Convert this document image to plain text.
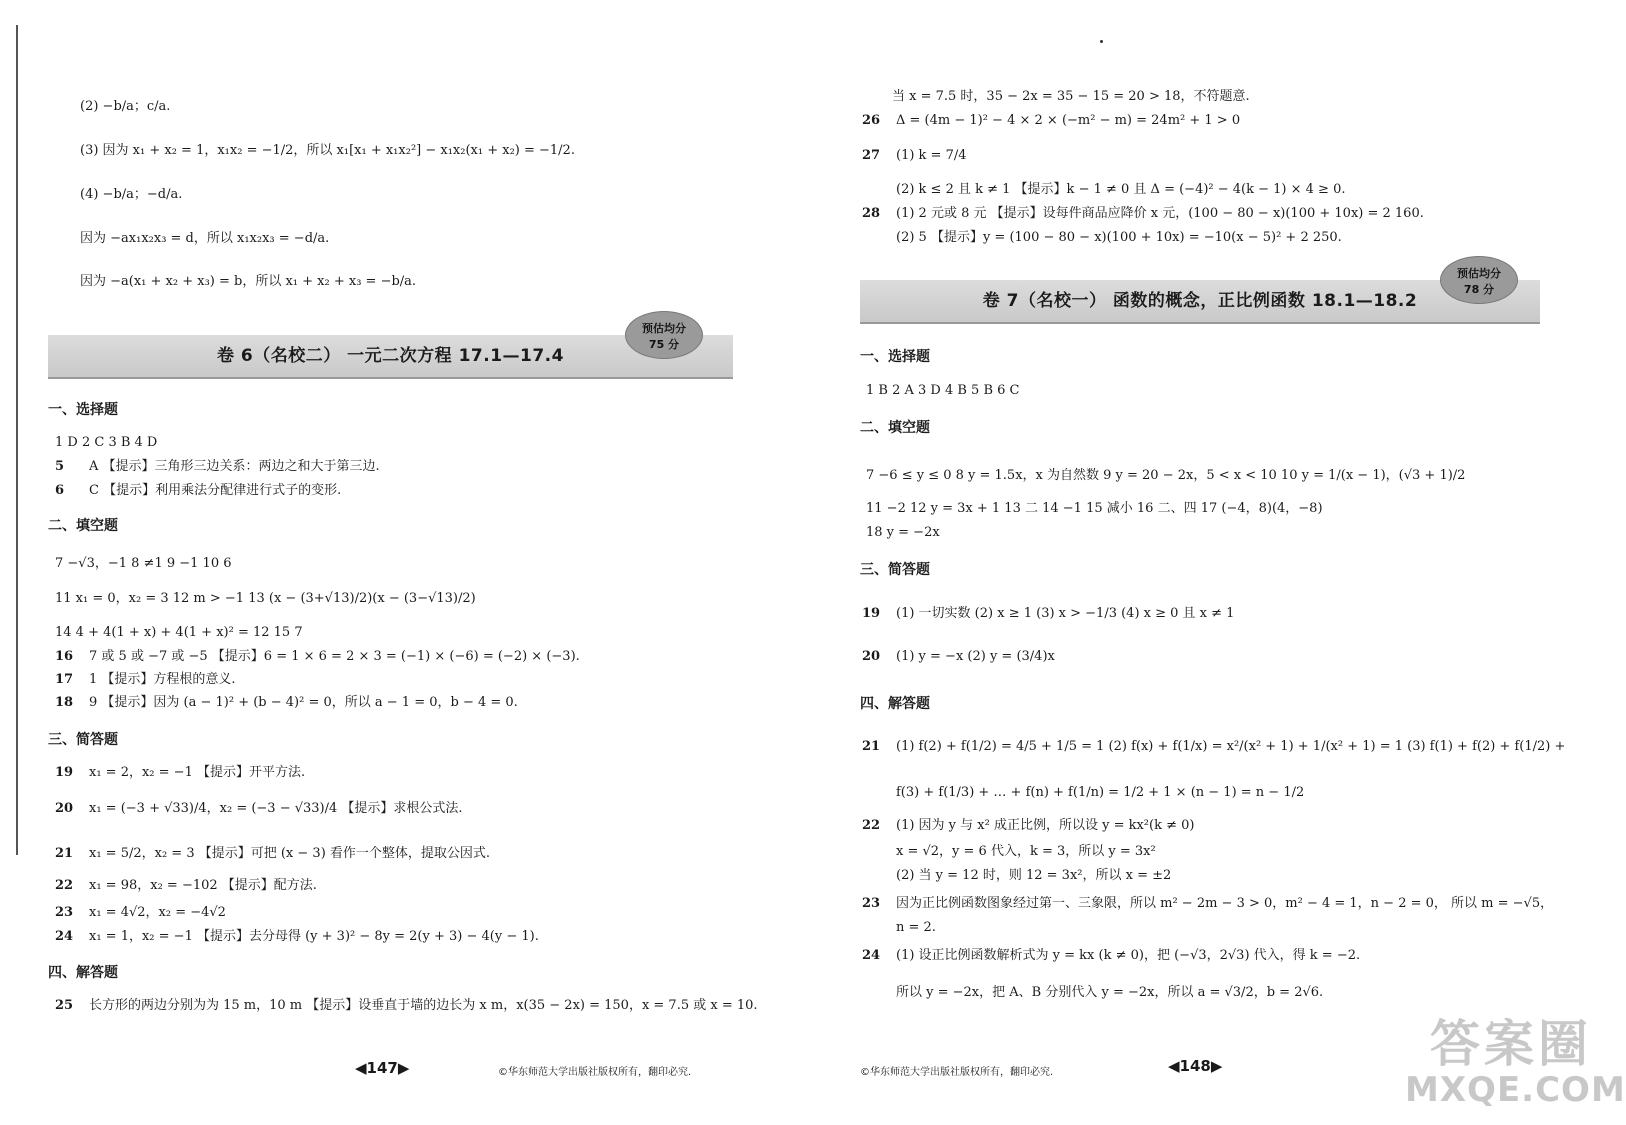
(2) −b/a；c/a.
(3) 因为 x₁ + x₂ = 1，x₁x₂ = −1/2，所以 x₁[x₁ + x₁x₂²] − x₁x₂(x₁ + x₂) = −1/2.
(4) −b/a；−d/a.
因为 −ax₁x₂x₃ = d，所以 x₁x₂x₃ = −d/a.
因为 −a(x₁ + x₂ + x₃) = b，所以 x₁ + x₂ + x₃ = −b/a.
卷 6（名校二） 一元二次方程 17.1—17.4
预估均分
75 分
一、选择题
1 D 2 C 3 B 4 D
5 A 【提示】三角形三边关系：两边之和大于第三边.
6 C 【提示】利用乘法分配律进行式子的变形.
二、填空题
7 −√3，−1 8 ≠1 9 −1 10 6
11 x₁ = 0，x₂ = 3 12 m > −1 13 (x − (3+√13)/2)(x − (3−√13)/2)
14 4 + 4(1 + x) + 4(1 + x)² = 12 15 7
16 7 或 5 或 −7 或 −5 【提示】6 = 1 × 6 = 2 × 3 = (−1) × (−6) = (−2) × (−3).
17 1 【提示】方程根的意义.
18 9 【提示】因为 (a − 1)² + (b − 4)² = 0，所以 a − 1 = 0，b − 4 = 0.
三、简答题
19 x₁ = 2，x₂ = −1 【提示】开平方法.
20 x₁ = (−3 + √33)/4，x₂ = (−3 − √33)/4 【提示】求根公式法.
21 x₁ = 5/2，x₂ = 3 【提示】可把 (x − 3) 看作一个整体，提取公因式.
22 x₁ = 98，x₂ = −102 【提示】配方法.
23 x₁ = 4√2，x₂ = −4√2
24 x₁ = 1，x₂ = −1 【提示】去分母得 (y + 3)² − 8y = 2(y + 3) − 4(y − 1).
四、解答题
25 长方形的两边分别为为 15 m，10 m 【提示】设垂直于墙的边长为 x m，x(35 − 2x) = 150，x = 7.5 或 x = 10.
◀147▶	©华东师范大学出版社版权所有，翻印必究.
当 x = 7.5 时，35 − 2x = 35 − 15 = 20 > 18，不符题意.
26 Δ = (4m − 1)² − 4 × 2 × (−m² − m) = 24m² + 1 > 0
27 (1) k = 7/4
(2) k ≤ 2 且 k ≠ 1 【提示】k − 1 ≠ 0 且 Δ = (−4)² − 4(k − 1) × 4 ≥ 0.
28 (1) 2 元或 8 元 【提示】设每件商品应降价 x 元，(100 − 80 − x)(100 + 10x) = 2 160.
(2) 5 【提示】y = (100 − 80 − x)(100 + 10x) = −10(x − 5)² + 2 250.
卷 7（名校一） 函数的概念，正比例函数 18.1—18.2
预估均分
78 分
一、选择题
1 B 2 A 3 D 4 B 5 B 6 C
二、填空题
7 −6 ≤ y ≤ 0 8 y = 1.5x，x 为自然数 9 y = 20 − 2x，5 < x < 10 10 y = 1/(x − 1)，(√3 + 1)/2
11 −2 12 y = 3x + 1 13 二 14 −1 15 减小 16 二、四 17 (−4，8)(4，−8)
18 y = −2x
三、简答题
19 (1) 一切实数 (2) x ≥ 1 (3) x > −1/3 (4) x ≥ 0 且 x ≠ 1
20 (1) y = −x (2) y = (3/4)x
四、解答题
21 (1) f(2) + f(1/2) = 4/5 + 1/5 = 1 (2) f(x) + f(1/x) = x²/(x² + 1) + 1/(x² + 1) = 1 (3) f(1) + f(2) + f(1/2) +
f(3) + f(1/3) + … + f(n) + f(1/n) = 1/2 + 1 × (n − 1) = n − 1/2
22 (1) 因为 y 与 x² 成正比例，所以设 y = kx²(k ≠ 0)
x = √2，y = 6 代入，k = 3，所以 y = 3x²
(2) 当 y = 12 时，则 12 = 3x²，所以 x = ±2
23 因为正比例函数图象经过第一、三象限，所以 m² − 2m − 3 > 0，m² − 4 = 1，n − 2 = 0， 所以 m = −√5，
n = 2.
24 (1) 设正比例函数解析式为 y = kx (k ≠ 0)，把 (−√3，2√3) 代入，得 k = −2.
所以 y = −2x，把 A、B 分别代入 y = −2x，所以 a = √3/2，b = 2√6.
©华东师范大学出版社版权所有，翻印必究.	◀148▶	答案圈
MXQE.COM
